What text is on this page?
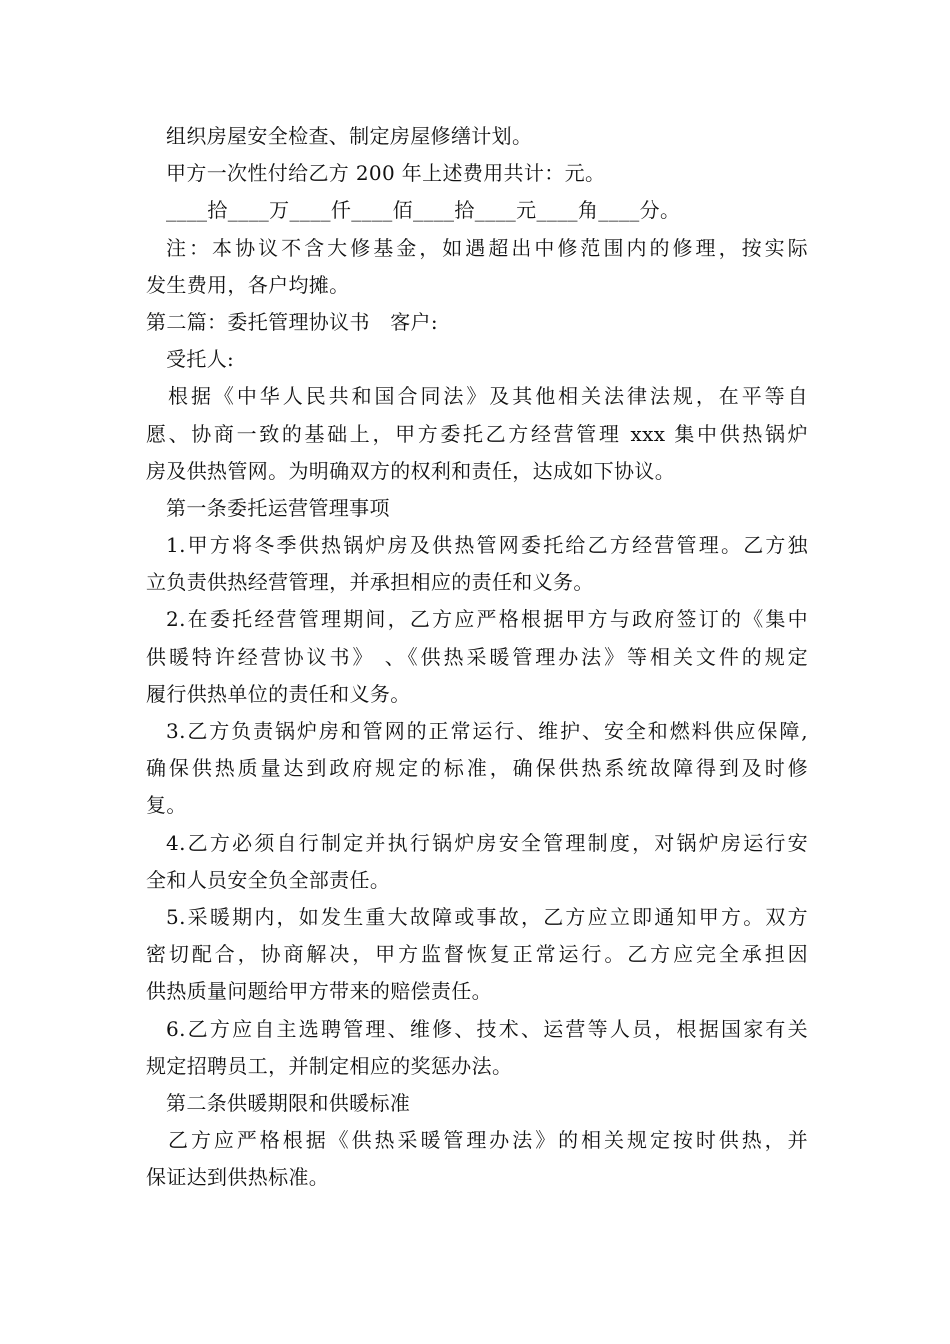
组织房屋安全检查、制定房屋修缮计划。
甲方一次性付给乙方 200 年上述费用共计：元。
____拾____万____仟____佰____拾____元____角____分。
注：本协议不含大修基金，如遇超出中修范围内的修理，按实际
发生费用，各户均摊。
第二篇：委托管理协议书　客户:
受托人:
根据《中华人民共和国合同法》及其他相关法律法规，在平等自
愿、协商一致的基础上，甲方委托乙方经营管理 xxx 集中供热锅炉
房及供热管网。为明确双方的权利和责任，达成如下协议。
第一条委托运营管理事项
1.甲方将冬季供热锅炉房及供热管网委托给乙方经营管理。乙方独
立负责供热经营管理，并承担相应的责任和义务。
2.在委托经营管理期间，乙方应严格根据甲方与政府签订的《集中
供暖特许经营协议书》 、《供热采暖管理办法》等相关文件的规定
履行供热单位的责任和义务。
3.乙方负责锅炉房和管网的正常运行、维护、安全和燃料供应保障,
确保供热质量达到政府规定的标准，确保供热系统故障得到及时修
复。
4.乙方必须自行制定并执行锅炉房安全管理制度，对锅炉房运行安
全和人员安全负全部责任。
5.采暖期内，如发生重大故障或事故，乙方应立即通知甲方。双方
密切配合，协商解决，甲方监督恢复正常运行。乙方应完全承担因
供热质量问题给甲方带来的赔偿责任。
6.乙方应自主选聘管理、维修、技术、运营等人员，根据国家有关
规定招聘员工，并制定相应的奖惩办法。
第二条供暖期限和供暖标准
乙方应严格根据《供热采暖管理办法》的相关规定按时供热，并
保证达到供热标准。
